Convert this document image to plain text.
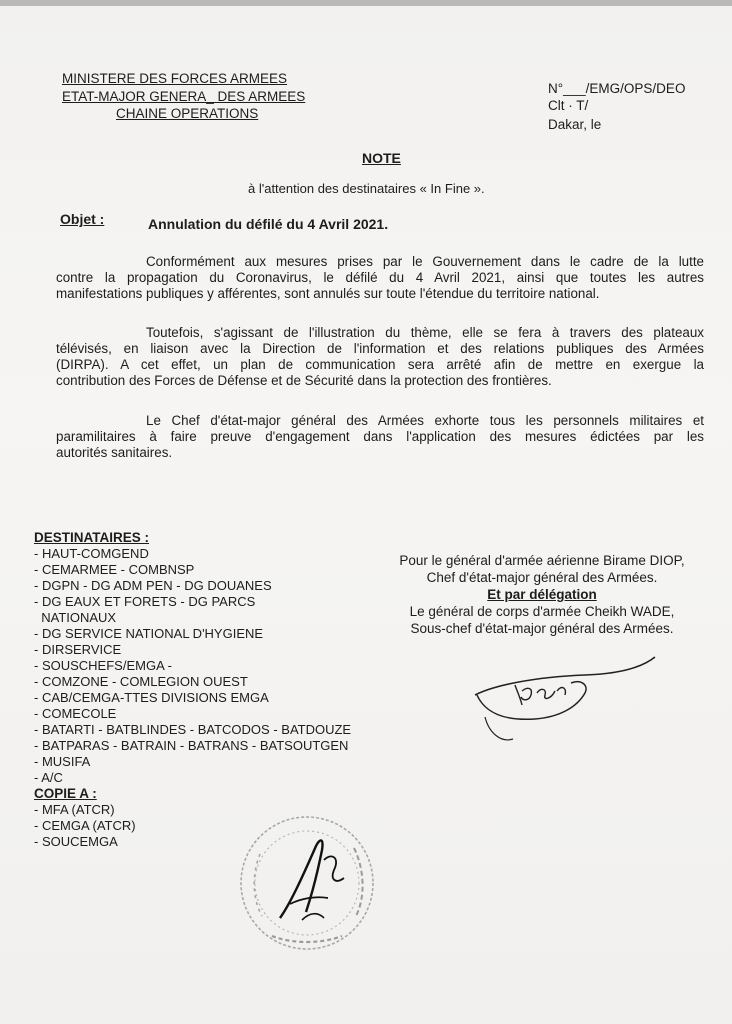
MINISTERE DES FORCES ARMEES
ETAT-MAJOR GENERA_ DES ARMEES
CHAINE OPERATIONS
N°___/EMG/OPS/DEO
Clt · T/
Dakar, le
NOTE
à l'attention des destinataires « In Fine ».
Objet :	Annulation du défilé du 4 Avril 2021.
Conformément aux mesures prises par le Gouvernement dans le cadre de la lutte
contre la propagation du Coronavirus, le défilé du 4 Avril 2021, ainsi que toutes les autres
manifestations publiques y afférentes, sont annulés sur toute l'étendue du territoire national.
Toutefois, s'agissant de l'illustration du thème, elle se fera à travers des plateaux
télévisés, en liaison avec la Direction de l'information et des relations publiques des Armées
(DIRPA). A cet effet, un plan de communication sera arrêté afin de mettre en exergue la
contribution des Forces de Défense et de Sécurité dans la protection des frontières.
Le Chef d'état-major général des Armées exhorte tous les personnels militaires et
paramilitaires à faire preuve d'engagement dans l'application des mesures édictées par les
autorités sanitaires.
DESTINATAIRES :
- HAUT-COMGEND
- CEMARMEE - COMBNSP
- DGPN - DG ADM PEN - DG DOUANES
- DG EAUX ET FORETS - DG PARCS
NATIONAUX
- DG SERVICE NATIONAL D'HYGIENE
- DIRSERVICE
- SOUSCHEFS/EMGA -
- COMZONE - COMLEGION OUEST
- CAB/CEMGA-TTES DIVISIONS EMGA
- COMECOLE
- BATARTI - BATBLINDES - BATCODOS - BATDOUZE
- BATPARAS - BATRAIN - BATRANS - BATSOUTGEN
- MUSIFA
- A/C
COPIE A :
- MFA (ATCR)
- CEMGA (ATCR)
- SOUCEMGA
Pour le général d'armée aérienne Birame DIOP,
Chef d'état-major général des Armées.
Et par délégation
Le général de corps d'armée Cheikh WADE,
Sous-chef d'état-major général des Armées.
